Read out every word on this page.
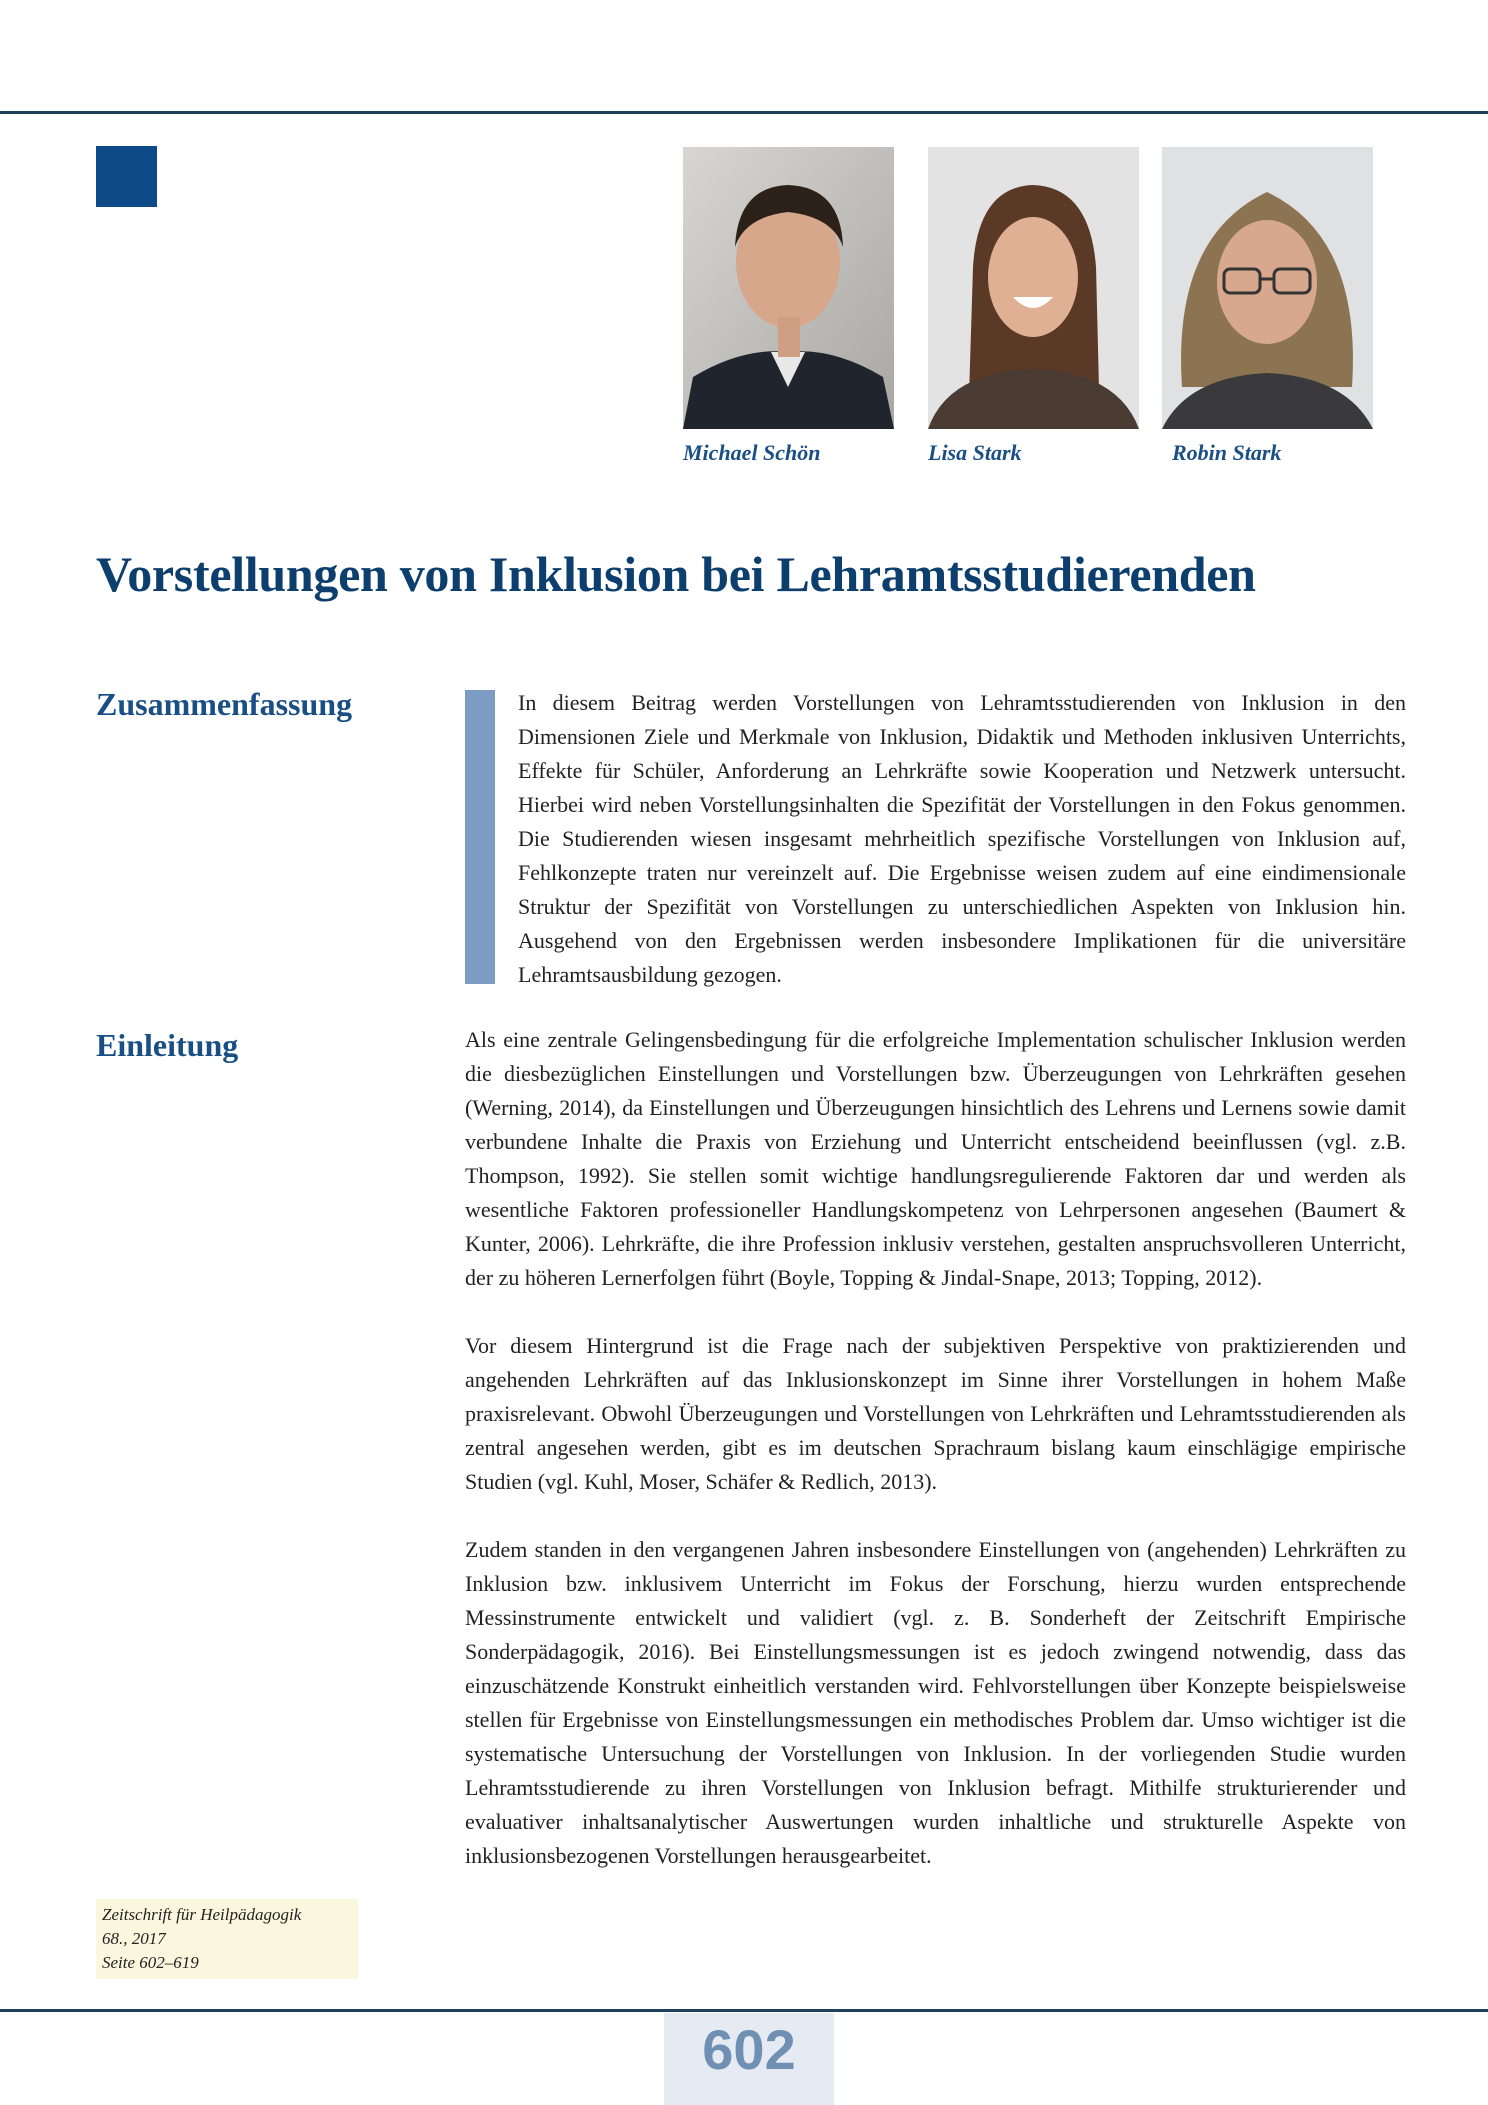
Michael Schön	Lisa Stark	Robin Stark
Vorstellungen von Inklusion bei Lehramtsstudierenden
Zusammenfassung	In diesem Beitrag werden Vorstellungen von Lehramtsstudierenden von Inklusion in den Dimensionen Ziele und Merkmale von Inklusion, Didaktik und Methoden inklusiven Unterrichts, Effekte für Schüler, Anforderung an Lehrkräfte sowie Kooperation und Netzwerk untersucht. Hierbei wird neben Vorstellungsinhalten die Spezifität der Vorstellungen in den Fokus genommen. Die Studierenden wiesen insgesamt mehrheitlich spezifische Vorstellungen von Inklusion auf, Fehlkonzepte traten nur vereinzelt auf. Die Ergebnisse weisen zudem auf eine eindimensionale Struktur der Spezifität von Vorstellungen zu unterschiedlichen Aspekten von Inklusion hin. Ausgehend von den Ergebnissen werden insbesondere Implikationen für die universitäre Lehramtsausbildung gezogen.

Einleitung	Als eine zentrale Gelingensbedingung für die erfolgreiche Implementation schulischer Inklusion werden die diesbezüglichen Einstellungen und Vorstellungen bzw. Überzeugungen von Lehrkräften gesehen (Werning, 2014), da Einstellungen und Überzeugungen hinsichtlich des Lehrens und Lernens sowie damit verbundene Inhalte die Praxis von Erziehung und Unterricht entscheidend beeinflussen (vgl. z.B. Thompson, 1992). Sie stellen somit wichtige handlungsregulierende Faktoren dar und werden als wesentliche Faktoren professioneller Handlungskompetenz von Lehrpersonen angesehen (Baumert & Kunter, 2006). Lehrkräfte, die ihre Profession inklusiv verstehen, gestalten anspruchsvolleren Unterricht, der zu höheren Lernerfolgen führt (Boyle, Topping & Jindal-Snape, 2013; Topping, 2012).

Vor diesem Hintergrund ist die Frage nach der subjektiven Perspektive von praktizierenden und angehenden Lehrkräften auf das Inklusionskonzept im Sinne ihrer Vorstellungen in hohem Maße praxisrelevant. Obwohl Überzeugungen und Vorstellungen von Lehrkräften und Lehramtsstudierenden als zentral angesehen werden, gibt es im deutschen Sprachraum bislang kaum einschlägige empirische Studien (vgl. Kuhl, Moser, Schäfer & Redlich, 2013).

Zudem standen in den vergangenen Jahren insbesondere Einstellungen von (angehenden) Lehrkräften zu Inklusion bzw. inklusivem Unterricht im Fokus der Forschung, hierzu wurden entsprechende Messinstrumente entwickelt und validiert (vgl. z. B. Sonderheft der Zeitschrift Empirische Sonderpädagogik, 2016). Bei Einstellungsmessungen ist es jedoch zwingend notwendig, dass das einzuschätzende Konstrukt einheitlich verstanden wird. Fehlvorstellungen über Konzepte beispielsweise stellen für Ergebnisse von Einstellungsmessungen ein methodisches Problem dar. Umso wichtiger ist die systematische Untersuchung der Vorstellungen von Inklusion. In der vorliegenden Studie wurden Lehramtsstudierende zu ihren Vorstellungen von Inklusion befragt. Mithilfe strukturierender und evaluativer inhaltsanalytischer Auswertungen wurden inhaltliche und strukturelle Aspekte von inklusionsbezogenen Vorstellungen herausgearbeitet.

Zeitschrift für Heilpädagogik
68., 2017
Seite 602–619
602
